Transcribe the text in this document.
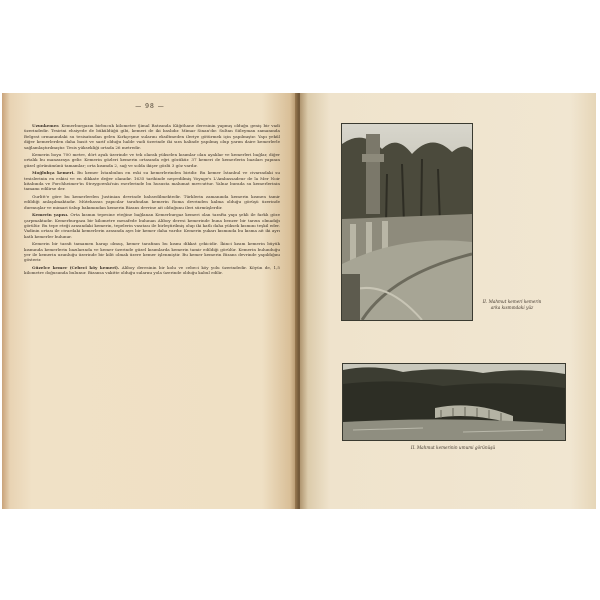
— 98 —

Uzunkemer. Kemerburgazın birbucuk kilometre Şimal Batısında Kâğıthane deresinin yapmış olduğu geniş bir vadi üzerindedir. Tesirini ehsiyede de büküldüğü gibi, kemeri de iki baslıdır. Mimar Sinan'dır. Sultan Süleyman zamanında Belgrat ormanındaki su tesisatından gelen Kırkçeşme sularını eksiltmeden ileriye götürmek için yapılmıştır. Yapı yekûl diğer kemerlerden daha basit ve sarif olduğu halde vadi üzerinde iki sıra halinde yapılmış olup yarım daire kemerlerle sağlamlaştırılmıştır. Tesis yüksekliği ortada 26 metredir.

Kemerin boyu 700 metre, dört ayak üzerinde ve tek olarak yükselen kısımlar olan ayaklar ve kemerleri bağlar, diğer ortalık bu manzaraya gelir. Kemerin gözleri kemerin ortasında eğri gözükür. 37 kemeri de kemerlerin bazıları yapının güzel görünümünü tamamlar; orta kısımda 2, sağ ve solda ikişer gözlü 3 göz vardır.

Moğlubça kemeri. Bu kemer İstanbulun en eski su kemerlerinden biridir. Bu kemer İstanbul ve civarındaki su tesislerinin en eskisi ve en dikkate değer olanıdır. 1635 tarihinde neşredilmiş Voyage's L'Ambassadeur de la Mer Noir kitabında ve Forchheimer'in Strzygowski'nin eserlerinde bu hususta malumat mevcuttur. Yalnız burada su kemerlerinin tamamı edilirse der.

Gurlitt'e göre bu kemerlerden Justinian devrinde bahsedilmektedir. Türklerin zamanında kemerin kısmen tamir edildiği anlaşılmaktadır. Mütehassıs yapıcılar tarafından kemerin Roma devrinden kalma olduğu görüşü üzerinde durmuşlar ve mimari üslup bakımından kemerin Bizans devrine ait olduğunu ileri sürmüşlerdir.

Kemerin yapısı. Orta kısmın tepesine eteğine bağlanan Kemerburgaz kemeri olan tarafta yapı şekli ile farklı göze çarpmaktadır. Kemerburgaza bir kilometre mesafede bulunan Aliboy deresi kemerinde buna benzer bir tarzın olmadığı görülür. Bu tepe eteği arasındaki kemerin, tepelerin vasıtası ile birleştirilmiş olup iki katlı daha yüksek kısmını teşkil eder. Vadinin ortası ile civardaki kemerlerin arasında ayrı bir kemer daha vardır. Kemerin yukarı kısmında bu kısma ait iki ayrı katlı kemerler bulunur.

Kemerin bir tarafı tamamen harap olmuş, kemer tarafının bu kısmı dikkat çekicidir. İkinci kısım kemerin büyük kısmında kemerlerin bazılarında ve kemer üzerinde güzel kısımlarda kemerin tamir edildiği görülür. Kemerin bulunduğu yer ile kemerin uzunluğu üzerinde bir kilit olmak üzere kemer işlenmiştir. Bu kemer kemerin Bizans devrinde yapıldığını gösterir.

Güzelce kemer (Cebeci köy kemeri). Aliboy deresinin bir kolu ve cebeci köy yolu üzerindedir. Köyün de, 1,5 kilometre doğusunda bulunur. Bizansa vakitte olduğu sularını yola üzerinde olduğu kabul edilir.

II. Mahmut kemeri kemerin arka kısmındaki yüz
II. Mahmut kemerinin umumi görünüşü
